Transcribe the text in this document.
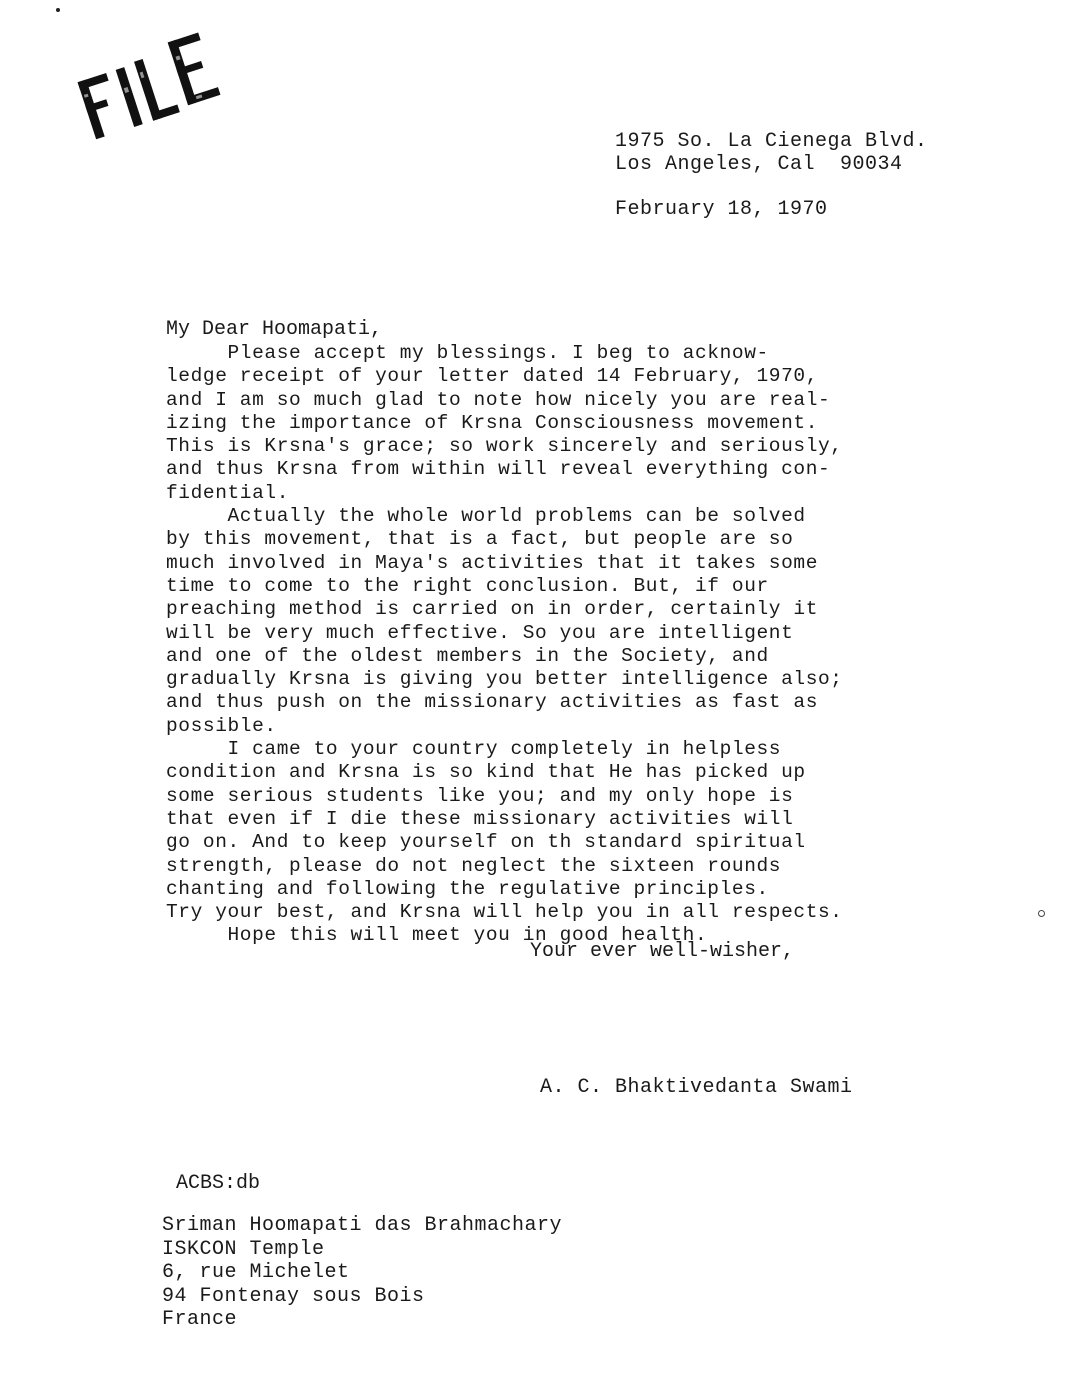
1975 So. La Cienega Blvd.
Los Angeles, Cal  90034
February 18, 1970
My Dear Hoomapati,
Please accept my blessings. I beg to acknow-
ledge receipt of your letter dated 14 February, 1970,
and I am so much glad to note how nicely you are real-
izing the importance of Krsna Consciousness movement.
This is Krsna's grace; so work sincerely and seriously,
and thus Krsna from within will reveal everything con-
fidential.
Actually the whole world problems can be solved
by this movement, that is a fact, but people are so
much involved in Maya's activities that it takes some
time to come to the right conclusion. But, if our
preaching method is carried on in order, certainly it
will be very much effective. So you are intelligent
and one of the oldest members in the Society, and
gradually Krsna is giving you better intelligence also;
and thus push on the missionary activities as fast as
possible.
I came to your country completely in helpless
condition and Krsna is so kind that He has picked up
some serious students like you; and my only hope is
that even if I die these missionary activities will
go on. And to keep yourself on th standard spiritual
strength, please do not neglect the sixteen rounds
chanting and following the regulative principles.
Try your best, and Krsna will help you in all respects.
Hope this will meet you in good health.
Your ever well-wisher,
A. C. Bhaktivedanta Swami
ACBS:db
Sriman Hoomapati das Brahmachary
ISKCON Temple
6, rue Michelet
94 Fontenay sous Bois
France
